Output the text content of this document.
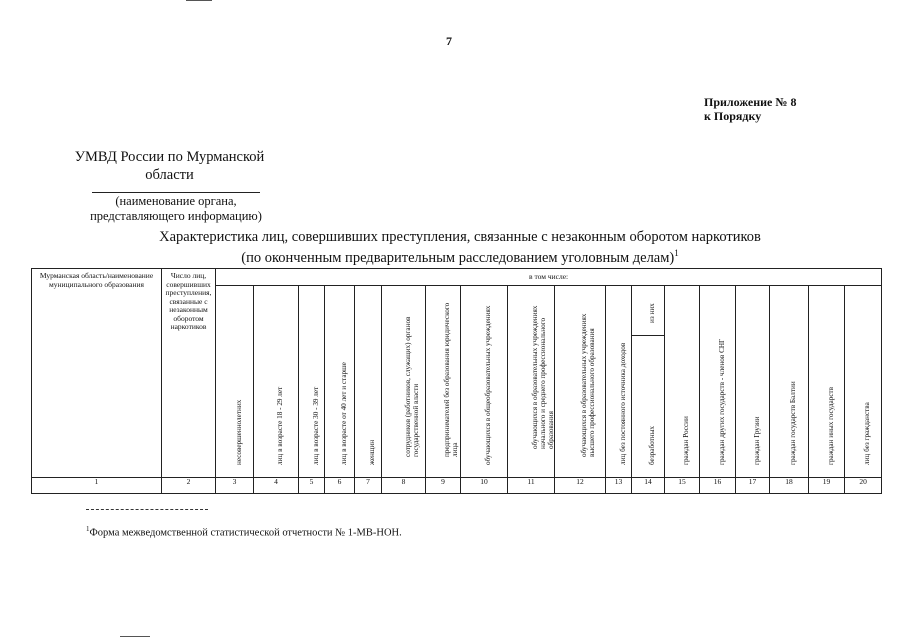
7
Приложение № 8
к Порядку
УМВД России по Мурманской
области
(наименование органа,
представляющего информацию)
Характеристика лиц, совершивших преступления, связанные с незаконным оборотом наркотиков
(по оконченным предварительным расследованием уголовным делам)$^1$
Мурманская область/наименование муниципального образования	Число лиц, совершивших преступления, связанные с незаконным оборотом наркотиков	в том числе:																	

		несовершеннолетних	лиц в возрасте 18 - 29 лет	лиц в возрасте 30 - 39 лет	лиц в возрасте от 40 лет и старше	женщин	сотрудников (работников, служащих) органов государственной власти	предпринимателей без образования юридического лица	обучающихся в общеобразовательных учреждениях	обучающихся в образовательных учреждениях начального и среднего профессионального образования	обучающихся в образовательных учреждениях высшего профессионального образования	лиц без постоянного источника доходов	из них	граждан России	граждан других государств - членов СНГ	граждан Грузии	граждан государств Балтии	граждан иных государств	лиц без гражданства

													безработных						

1	2	3	4	5	6	7	8	9	10	11	12	13	14	15	16	17	18	19	20
$^1$Форма межведомственной статистической отчетности № 1-МВ-НОН.
